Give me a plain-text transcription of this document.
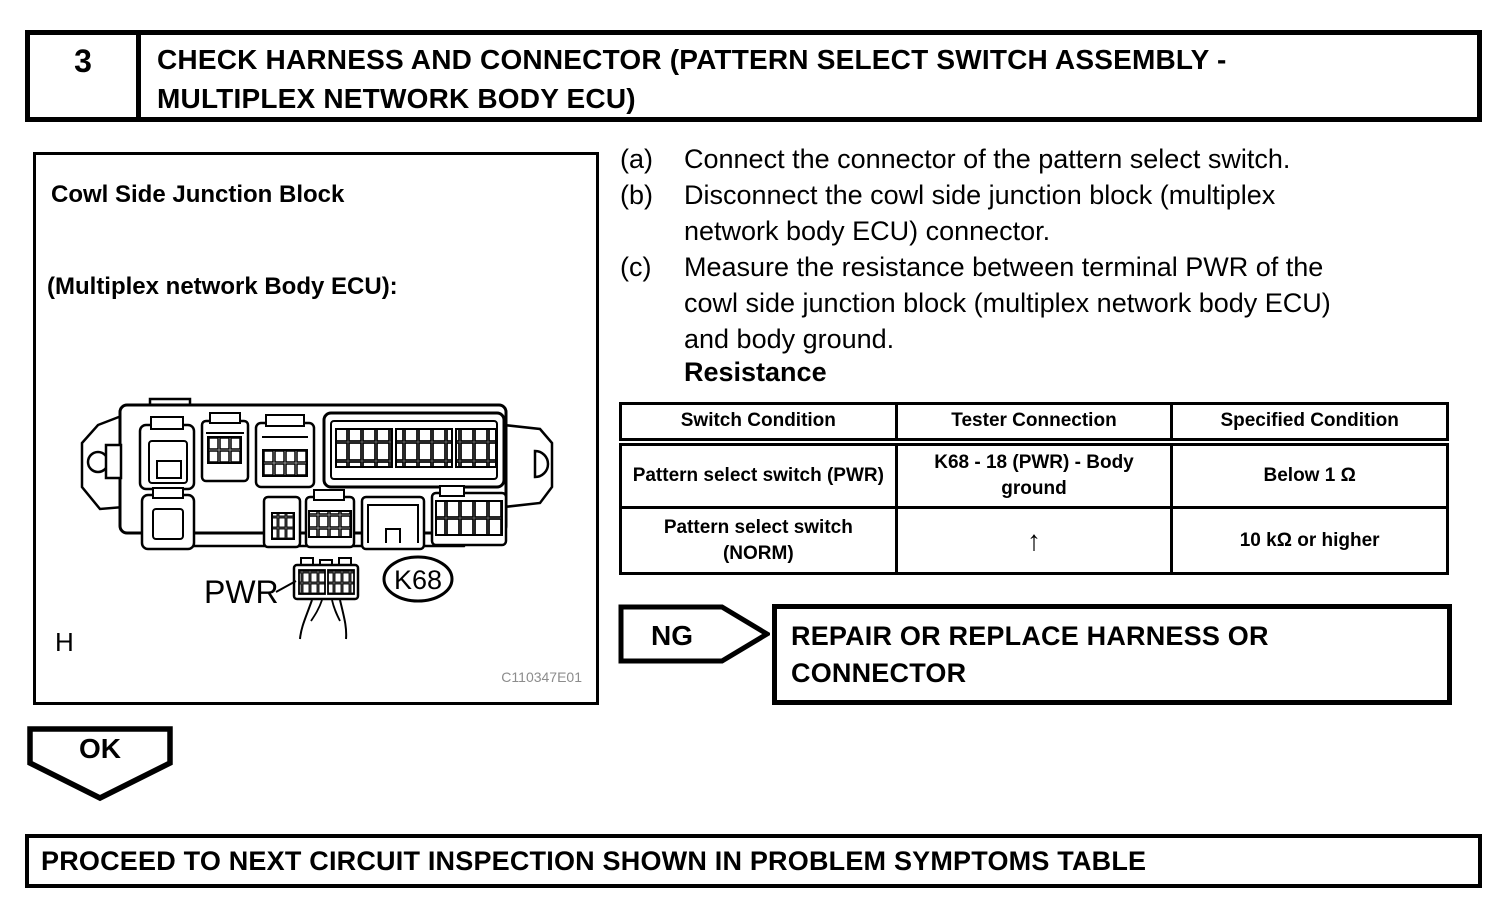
3	CHECK HARNESS AND CONNECTOR (PATTERN SELECT SWITCH ASSEMBLY -
MULTIPLEX NETWORK BODY ECU)
Cowl Side Junction Block
(Multiplex network Body ECU):
PWR	K68
H
C110347E01
(a)	Connect the connector of the pattern select switch.
(b)	Disconnect the cowl side junction block (multiplex
network body ECU) connector.
(c)	Measure the resistance between terminal PWR of the
cowl side junction block (multiplex network body ECU)
and body ground.
Resistance
Switch Condition	Tester Connection	Specified Condition
Pattern select switch (PWR)	K68 - 18 (PWR) - Body ground	Below 1 Ω
Pattern select switch (NORM)	↑	10 kΩ or higher
NG	REPAIR OR REPLACE HARNESS OR
CONNECTOR
OK
PROCEED TO NEXT CIRCUIT INSPECTION SHOWN IN PROBLEM SYMPTOMS TABLE
